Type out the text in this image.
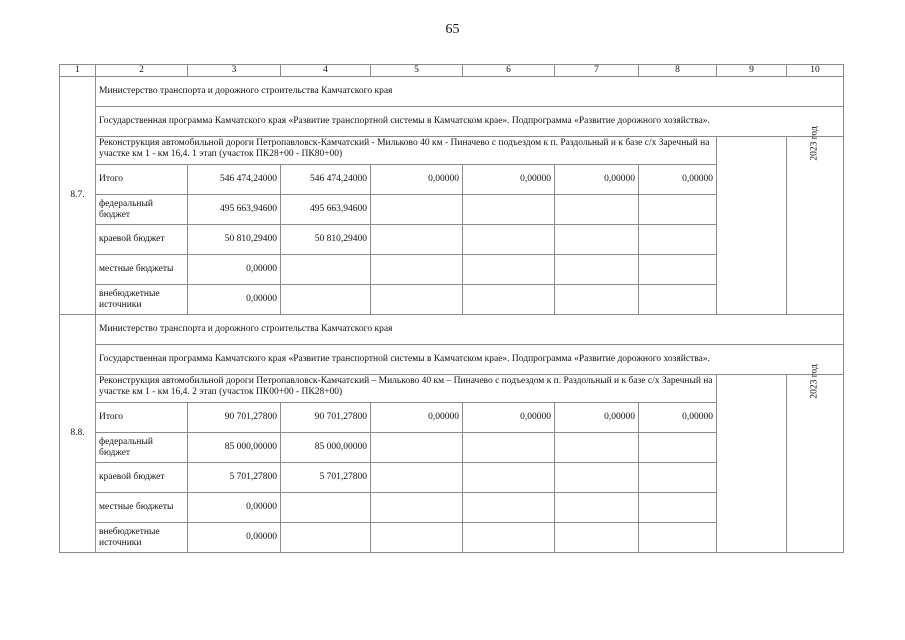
65
1	2	3	4	5	6	7	8	9	10
8.7.	Министерство транспорта и дорожного строительства Камчатского края								
	Государственная программа Камчатского края «Развитие транспортной системы в Камчатском крае». Подпрограмма «Развитие дорожного хозяйства».								
	Реконструкция автомобильной дороги Петропавловск-Камчатский - Мильково 40 км - Пиначево с подъездом к п. Раздольный и к базе с/х Заречный на участке км 1 - км 16,4. 1 этап (участок ПК28+00 - ПК80+00)								2023 год
	Итого	546 474,24000	546 474,24000	0,00000	0,00000	0,00000	0,00000		
	федеральный бюджет	495 663,94600	495 663,94600						
	краевой бюджет	50 810,29400	50 810,29400						
	местные бюджеты	0,00000							
	внебюджетные источники	0,00000							
8.8.	Министерство транспорта и дорожного строительства Камчатского края								
	Государственная программа Камчатского края «Развитие транспортной системы в Камчатском крае». Подпрограмма «Развитие дорожного хозяйства».								
	Реконструкция автомобильной дороги Петропавловск-Камчатский – Мильково 40 км – Пиначево с подъездом к п. Раздольный и к базе с/х Заречный на участке км 1 - км 16,4. 2 этап (участок ПК00+00 - ПК28+00)								2023 год
	Итого	90 701,27800	90 701,27800	0,00000	0,00000	0,00000	0,00000		
	федеральный бюджет	85 000,00000	85 000,00000						
	краевой бюджет	5 701,27800	5 701,27800						
	местные бюджеты	0,00000							
	внебюджетные источники	0,00000							
